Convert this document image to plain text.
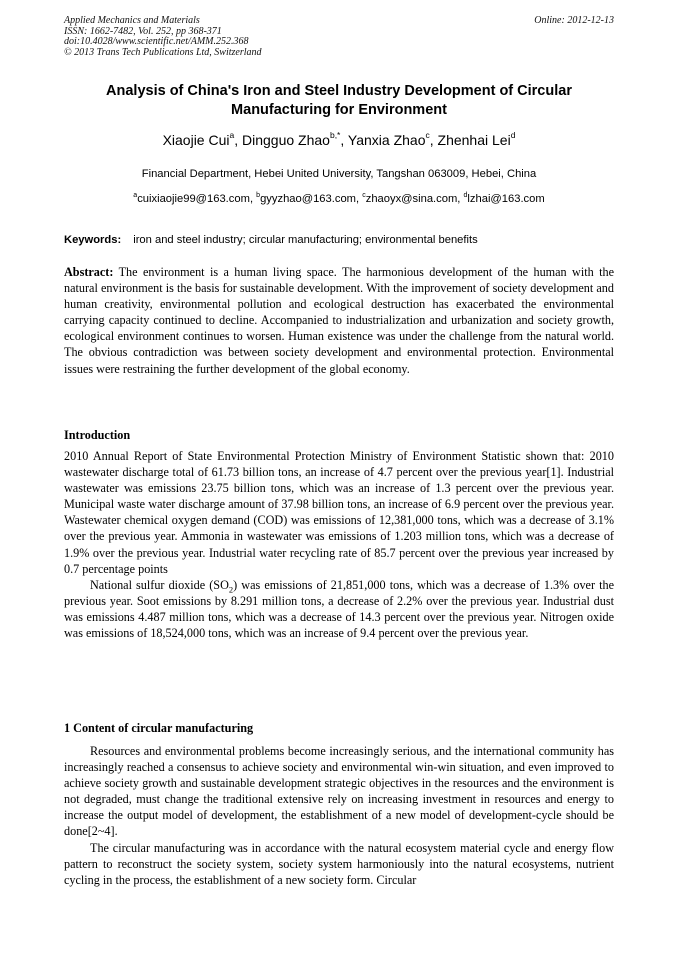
Applied Mechanics and Materials
ISSN: 1662-7482, Vol. 252, pp 368-371
doi:10.4028/www.scientific.net/AMM.252.368
© 2013 Trans Tech Publications Ltd, Switzerland
Online: 2012-12-13
Analysis of China's Iron and Steel Industry Development of Circular Manufacturing for Environment
Xiaojie Cui$^a$, Dingguo Zhao$^{b,*}$, Yanxia Zhao$^c$, Zhenhai Lei$^d$
Financial Department, Hebei United University, Tangshan 063009, Hebei, China
$^a$cuixiaojie99@163.com, $^b$gyyzhao@163.com, $^c$zhaoyx@sina.com, $^d$lzhai@163.com
Keywords: iron and steel industry; circular manufacturing; environmental benefits

Abstract: The environment is a human living space. The harmonious development of the human with the natural environment is the basis for sustainable development. With the improvement of society development and human creativity, environmental pollution and ecological destruction has exacerbated the environmental carrying capacity continued to decline. Accompanied to industrialization and urbanization and society growth, ecological environment continues to worsen. Human existence was under the challenge from the natural world. The obvious contradiction was between society development and environmental protection. Environmental issues were restraining the further development of the global economy.

Introduction

2010 Annual Report of State Environmental Protection Ministry of Environment Statistic shown that: 2010 wastewater discharge total of 61.73 billion tons, an increase of 4.7 percent over the previous year[1]. Industrial wastewater was emissions 23.75 billion tons, which was an increase of 1.3 percent over the previous year. Municipal waste water discharge amount of 37.98 billion tons, an increase of 6.9 percent over the previous year. Wastewater chemical oxygen demand (COD) was emissions of 12,381,000 tons, which was a decrease of 3.1% over the previous year. Ammonia in wastewater was emissions of 1.203 million tons, which was a decrease of 1.9% over the previous year. Industrial water recycling rate of 85.7 percent over the previous year increased by 0.7 percentage points

National sulfur dioxide $(SO_2)$ was emissions of 21,851,000 tons, which was a decrease of 1.3% over the previous year. Soot emissions by 8.291 million tons, a decrease of 2.2% over the previous year. Industrial dust was emissions 4.487 million tons, which was a decrease of 14.3 percent over the previous year. Nitrogen oxide was emissions of 18,524,000 tons, which was an increase of 9.4 percent over the previous year.

1 Content of circular manufacturing

Resources and environmental problems become increasingly serious, and the international community has increasingly reached a consensus to achieve society and environmental win-win situation, and even improved to achieve society growth and sustainable development strategic objectives in the resources and the environment is not degraded, must change the traditional extensive rely on increasing investment in resources and energy to increase the output model of development, the establishment of a new model of development-cycle should be done[2~4].

The circular manufacturing was in accordance with the natural ecosystem material cycle and energy flow pattern to reconstruct the society system, society system harmoniously into the natural ecosystems, nutrient cycling in the process, the establishment of a new society form. Circular
